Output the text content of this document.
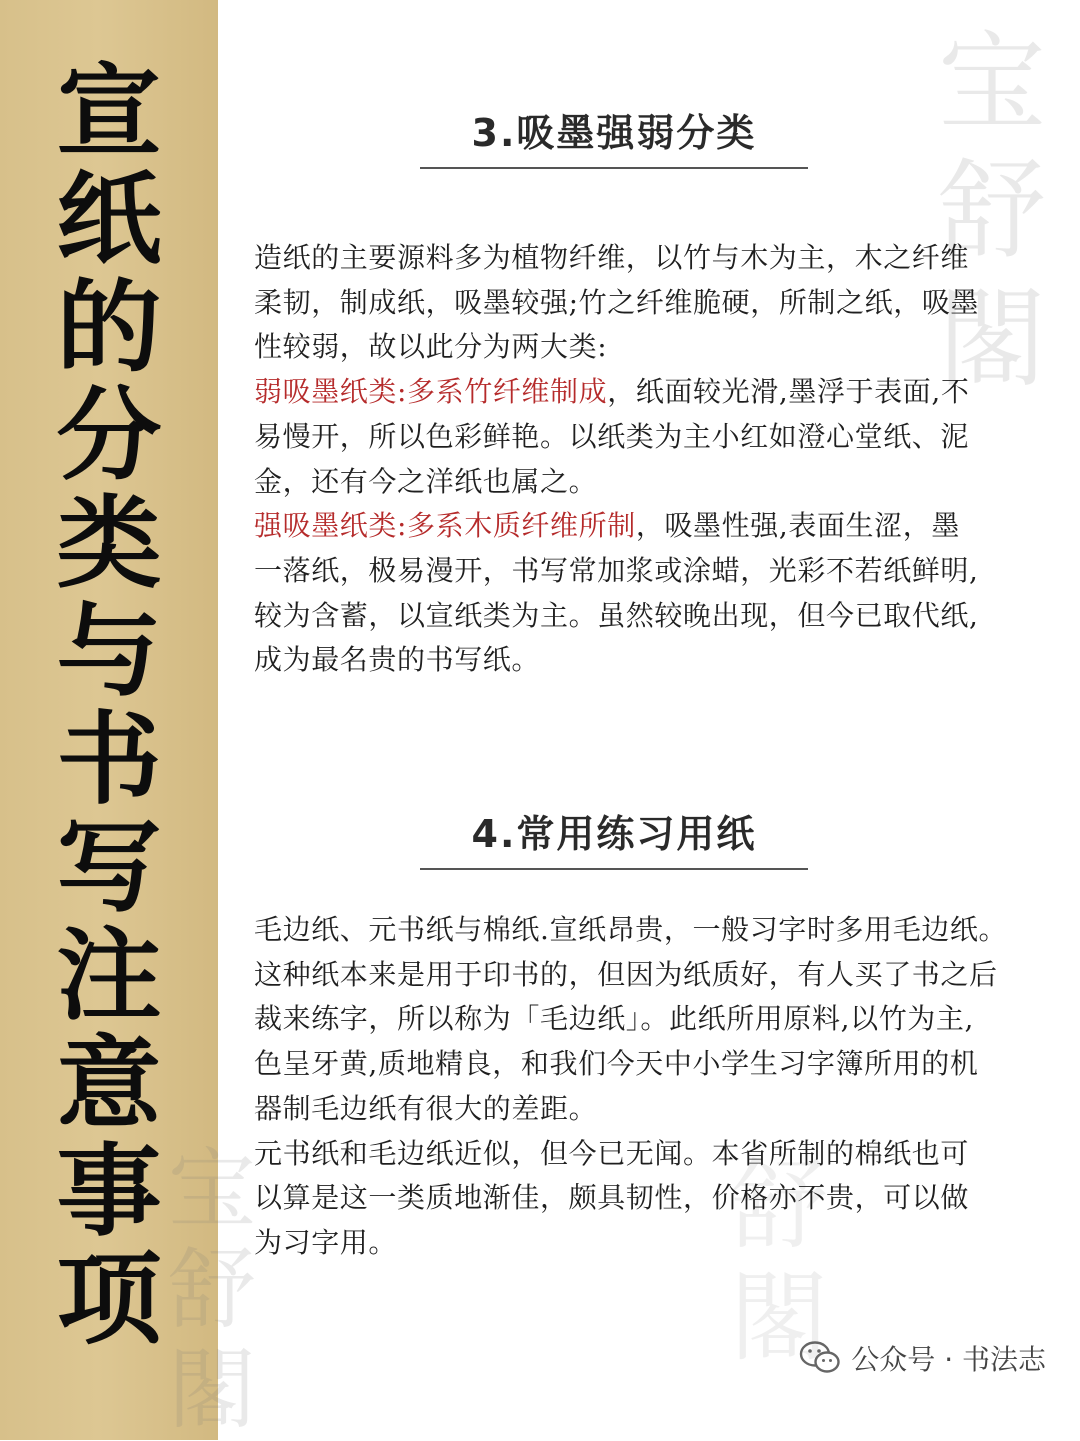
宝
舒
閣
舒
閣
宣
纸
的
分
类
与
书
写
注
意
事
项
3.吸墨强弱分类
造纸的主要源料多为植物纤维，以竹与木为主，木之纤维
柔韧，制成纸，吸墨较强;竹之纤维脆硬，所制之纸，吸墨
性较弱，故以此分为两大类:
弱吸墨纸类:多系竹纤维制成，纸面较光滑,墨浮于表面,不
易慢开，所以色彩鲜艳。以纸类为主小红如澄心堂纸、泥
金，还有今之洋纸也属之。
强吸墨纸类:多系木质纤维所制，吸墨性强,表面生涩，墨
一落纸，极易漫开，书写常加浆或涂蜡，光彩不若纸鲜明,
较为含蓄，以宣纸类为主。虽然较晚出现，但今已取代纸,
成为最名贵的书写纸。
4.常用练习用纸
毛边纸、元书纸与棉纸.宣纸昂贵，一般习字时多用毛边纸。
这种纸本来是用于印书的，但因为纸质好，有人买了书之后
裁来练字，所以称为「毛边纸」。此纸所用原料,以竹为主,
色呈牙黄,质地精良，和我们今天中小学生习字簿所用的机
器制毛边纸有很大的差距。
元书纸和毛边纸近似，但今已无闻。本省所制的棉纸也可
以算是这一类质地渐佳，颇具韧性，价格亦不贵，可以做
为习字用。
公众号 · 书法志
